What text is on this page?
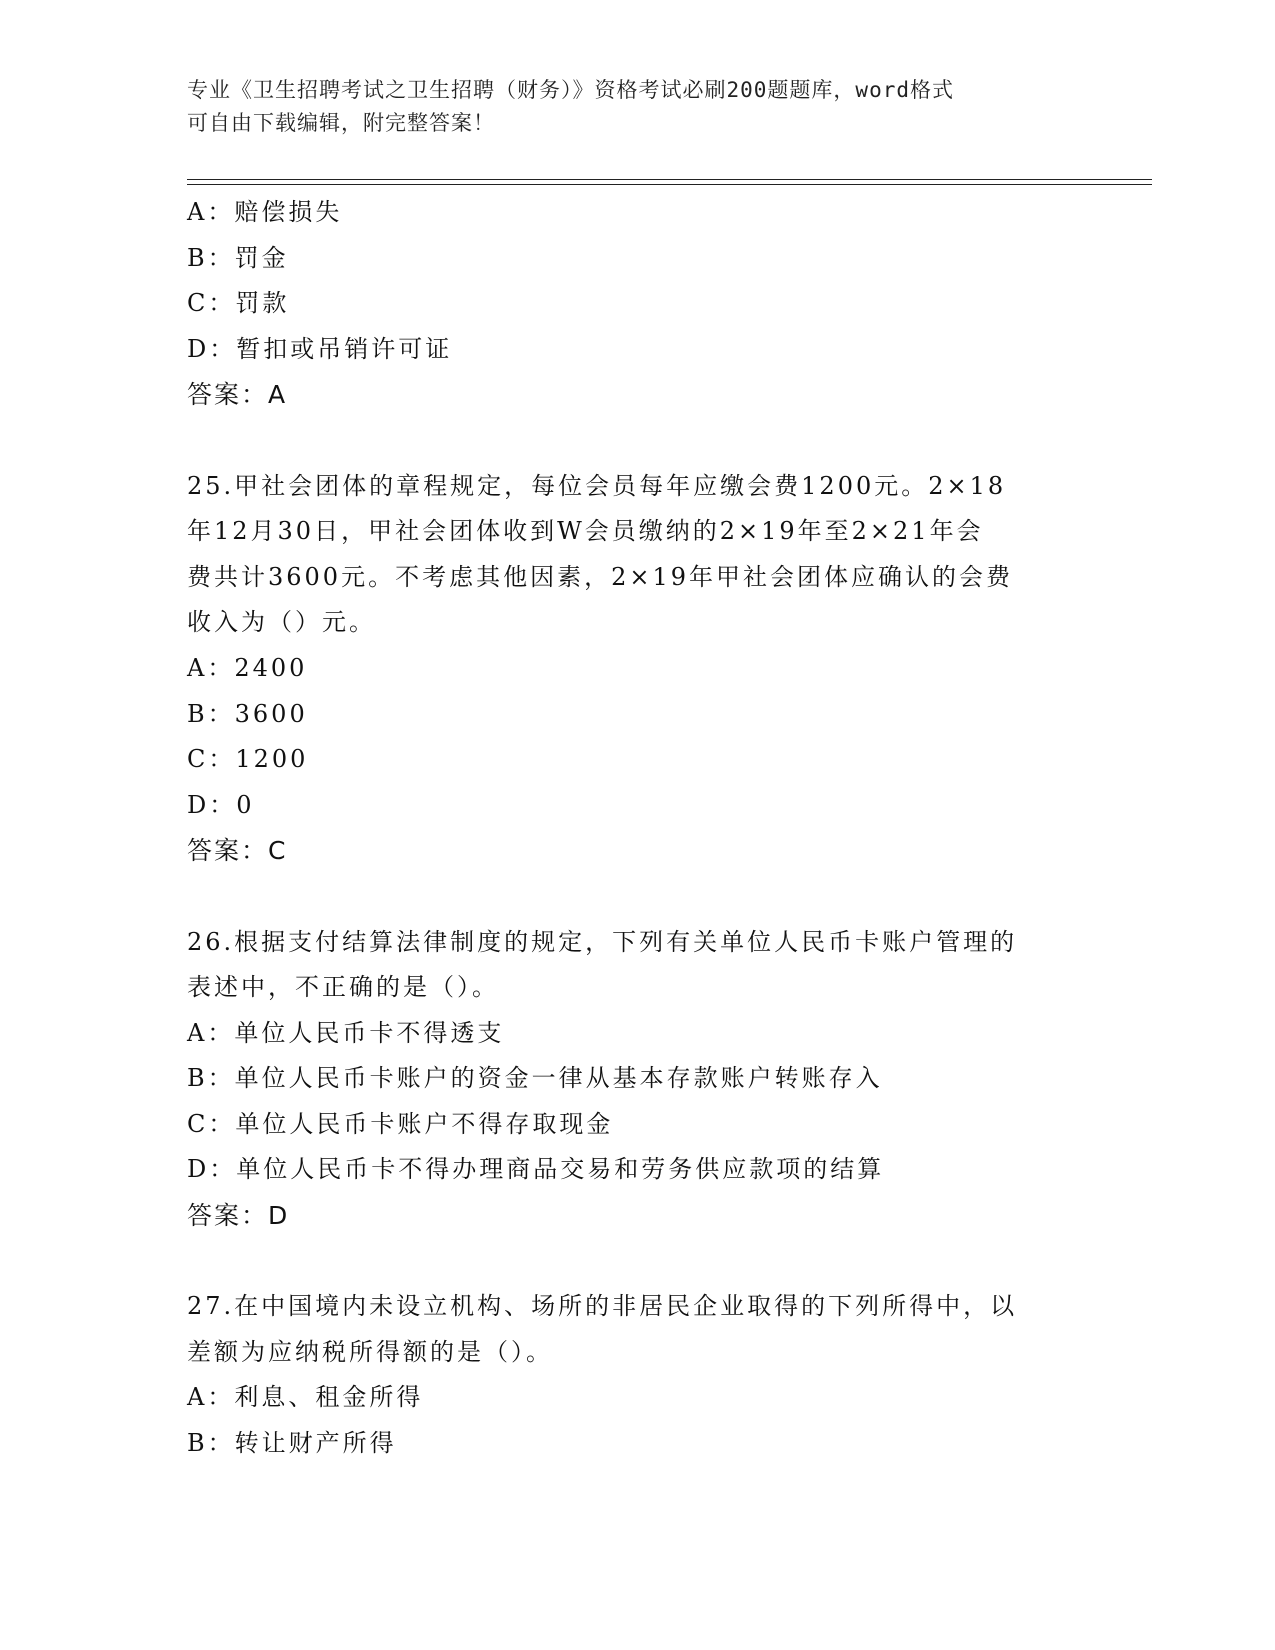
专业《卫生招聘考试之卫生招聘（财务）》资格考试必刷200题题库，word格式
可自由下载编辑，附完整答案！
A：赔偿损失
B：罚金
C：罚款
D：暂扣或吊销许可证
答案：A
25.甲社会团体的章程规定，每位会员每年应缴会费1200元。2×18
年12月30日，甲社会团体收到W会员缴纳的2×19年至2×21年会
费共计3600元。不考虑其他因素，2×19年甲社会团体应确认的会费
收入为（）元。
A：2400
B：3600
C：1200
D：0
答案：C
26.根据支付结算法律制度的规定，下列有关单位人民币卡账户管理的
表述中，不正确的是（）。
A：单位人民币卡不得透支
B：单位人民币卡账户的资金一律从基本存款账户转账存入
C：单位人民币卡账户不得存取现金
D：单位人民币卡不得办理商品交易和劳务供应款项的结算
答案：D
27.在中国境内未设立机构、场所的非居民企业取得的下列所得中，以
差额为应纳税所得额的是（）。
A：利息、租金所得
B：转让财产所得
